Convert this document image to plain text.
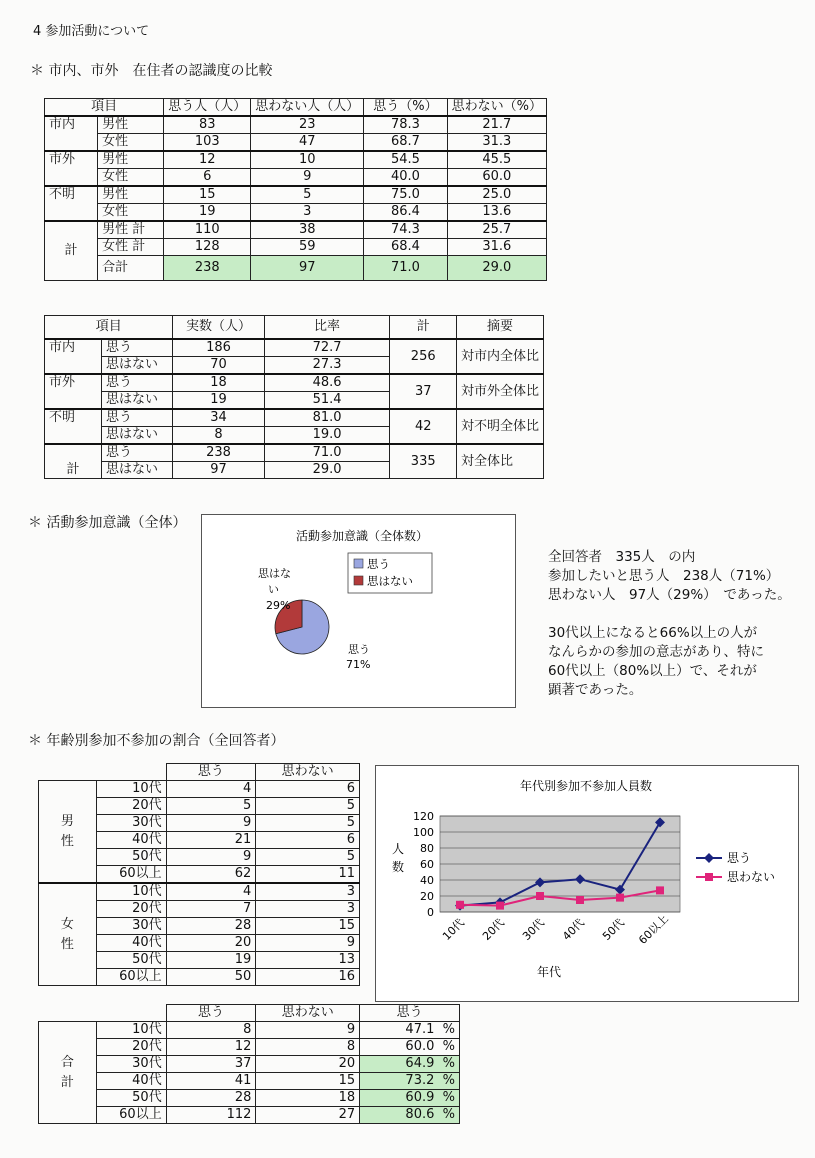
4 参加活動について
＊ 市内、市外　在住者の認識度の比較
項目		思う人（人）	思わない人（人）	思う（%）	思わない（%）
市内	男性	83	23	78.3	21.7
	女性	103	47	68.7	31.3
市外	男性	12	10	54.5	45.5
	女性	6	9	40.0	60.0
不明	男性	15	5	75.0	25.0
	女性	19	3	86.4	13.6
計	男性 計	110	38	74.3	25.7
	女性 計	128	59	68.4	31.6
	合計	238	97	71.0	29.0
項目		実数（人）	比率	計	摘要
市内	思う	186	72.7	256	対市内全体比
	思はない	70	27.3		
市外	思う	18	48.6	37	対市外全体比
	思はない	19	51.4		
不明	思う	34	81.0	42	対不明全体比
	思はない	8	19.0		
計	思う	238	71.0	335	対全体比
	思はない	97	29.0		
＊ 活動参加意識（全体）
活動参加意識（全体数）
思う
思はない
思はな
い
29%
思う
71%
全回答者　335人　の内
参加したいと思う人　238人（71%）
思わない人　97人（29%）　であった。
30代以上になると66%以上の人が
なんらかの参加の意志があり、特に
60代以上（80%以上）で、それが
顕著であった。
＊ 年齢別参加不参加の割合（全回答者）
		思う	思わない
男
性	10代	4	6
	20代	5	5
	30代	9	5
	40代	21	6
	50代	9	5
	60以上	62	11
女
性	10代	4	3
	20代	7	3
	30代	28	15
	40代	20	9
	50代	19	13
	60以上	50	16
		思う	思わない	思う
合
計	10代	8	9	47.1 %
	20代	12	8	60.0 %
	30代	37	20	64.9 %
	40代	41	15	73.2 %
	50代	28	18	60.9 %
	60以上	112	27	80.6 %
年代別参加不参加人員数
0
20
40
60
80
100
120
10代 20代 30代 40代 50代 60以上
人
数
年代
思う
思わない
